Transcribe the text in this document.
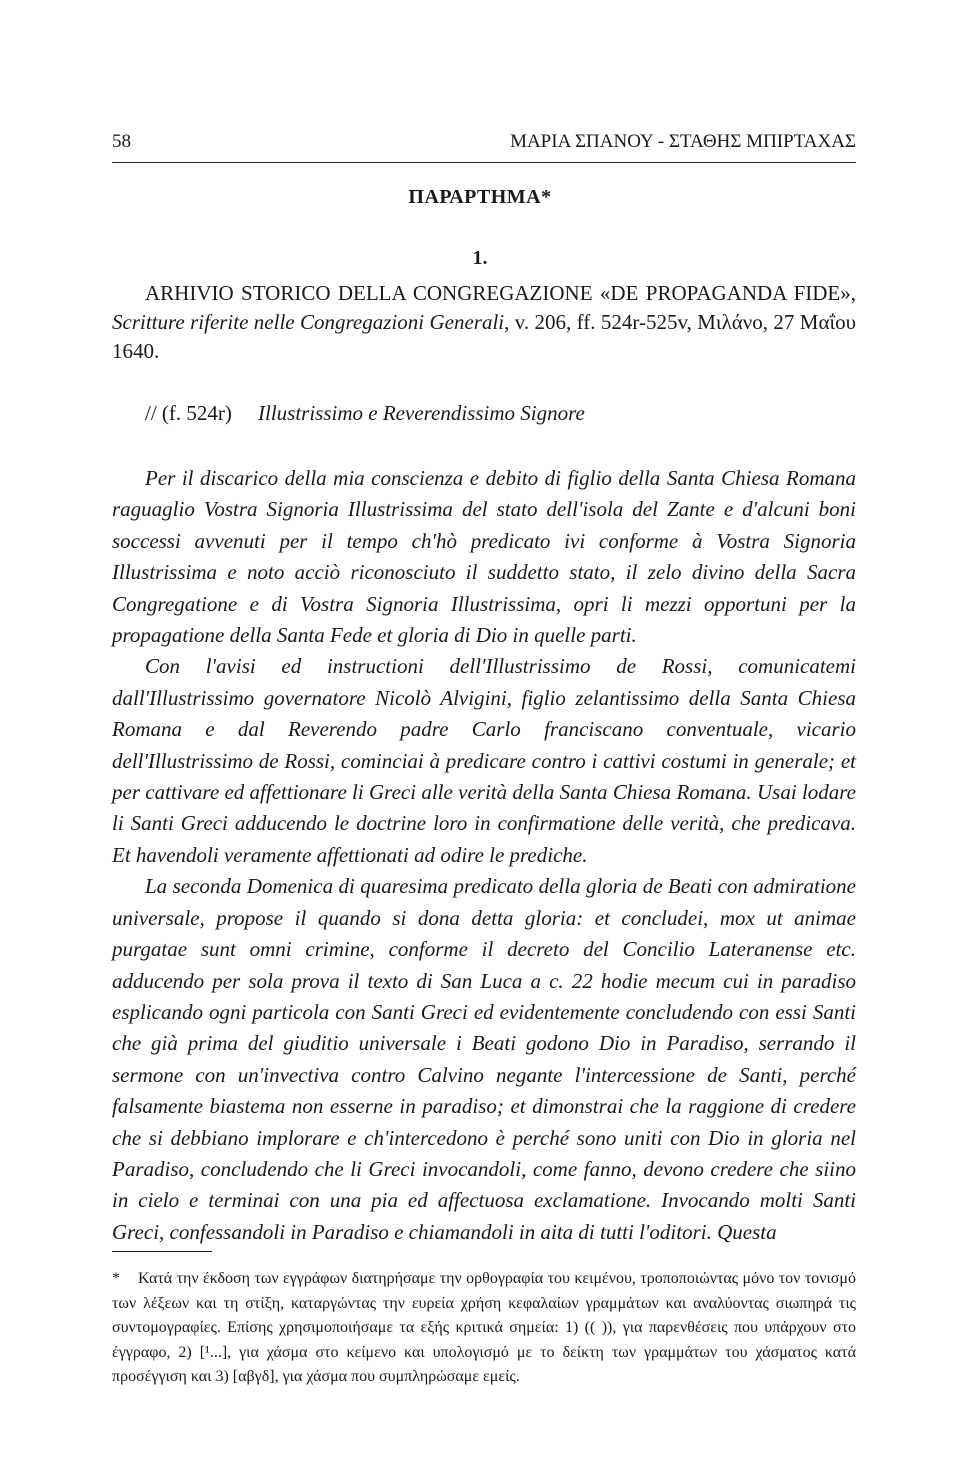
58	ΜΑΡΙΑ ΣΠΑΝΟΥ - ΣΤΑΘΗΣ ΜΠΙΡΤΑΧΑΣ
ΠΑΡΑΡΤΗΜΑ*
1.

ARHIVIO STORICO DELLA CONGREGAZIONE «DE PROPAGANDA FIDE», Scritture riferite nelle Congregazioni Generali, v. 206, ff. 524r-525v, Μιλάνο, 27 Μαΐου 1640.

// (f. 524r)	Illustrissimo e Reverendissimo Signore

Per il discarico della mia conscienza e debito di figlio della Santa Chiesa Romana raguaglio Vostra Signoria Illustrissima del stato dell'isola del Zante e d'alcuni boni soccessi avvenuti per il tempo ch'hò predicato ivi conforme à Vostra Signoria Illustrissima e noto acciò riconosciuto il suddetto stato, il zelo divino della Sacra Congregatione e di Vostra Signoria Illustrissima, opri li mezzi opportuni per la propagatione della Santa Fede et gloria di Dio in quelle parti.

Con l'avisi ed instructioni dell'Illustrissimo de Rossi, comunicatemi dall'Illustrissimo governatore Nicolò Alvigini, figlio zelantissimo della Santa Chiesa Romana e dal Reverendo padre Carlo franciscano conventuale, vicario dell'Illustrissimo de Rossi, cominciai à predicare contro i cattivi costumi in generale; et per cattivare ed affettionare li Greci alle verità della Santa Chiesa Romana. Usai lodare li Santi Greci adducendo le doctrine loro in confirmatione delle verità, che predicava. Et havendoli veramente affettionati ad odire le prediche.

La seconda Domenica di quaresima predicato della gloria de Beati con admiratione universale, propose il quando si dona detta gloria: et concludei, mox ut animae purgatae sunt omni crimine, conforme il decreto del Concilio Lateranense etc. adducendo per sola prova il texto di San Luca a c. 22 hodie mecum cui in paradiso esplicando ogni particola con Santi Greci ed evidentemente concludendo con essi Santi che già prima del giuditio universale i Beati godono Dio in Paradiso, serrando il sermone con un'invectiva contro Calvino negante l'intercessione de Santi, perché falsamente biastema non esserne in paradiso; et dimonstrai che la raggione di credere che si debbiano implorare e ch'intercedono è perché sono uniti con Dio in gloria nel Paradiso, concludendo che li Greci invocandoli, come fanno, devono credere che siino in cielo e terminai con una pia ed affectuosa exclamatione. Invocando molti Santi Greci, confessandoli in Paradiso e chiamandoli in aita di tutti l'oditori. Questa

* Κατά την έκδοση των εγγράφων διατηρήσαμε την ορθογραφία του κειμένου, τροποποιώντας μόνο τον τονισμό των λέξεων και τη στίξη, καταργώντας την ευρεία χρήση κεφαλαίων γραμμάτων και αναλύοντας σιωπηρά τις συντομογραφίες. Επίσης χρησιμοποιήσαμε τα εξής κριτικά σημεία: 1) (( )), για παρενθέσεις που υπάρχουν στο έγγραφο, 2) [¹...], για χάσμα στο κείμενο και υπολογισμό με το δείκτη των γραμμάτων του χάσματος κατά προσέγγιση και 3) [αβγδ], για χάσμα που συμπληρώσαμε εμείς.
